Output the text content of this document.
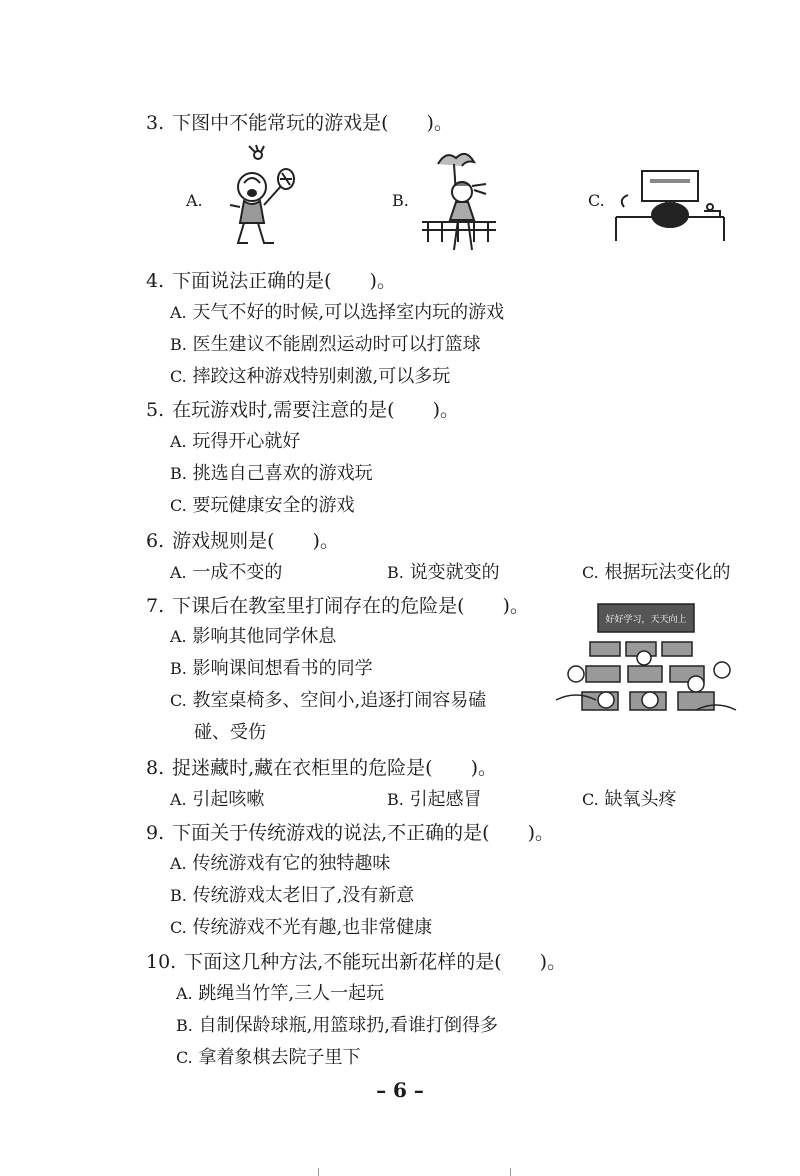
3. 下图中不能常玩的游戏是(　　)。
A.	B.	C.
4. 下面说法正确的是(　　)。
A. 天气不好的时候,可以选择室内玩的游戏
B. 医生建议不能剧烈运动时可以打篮球
C. 摔跤这种游戏特别刺激,可以多玩
5. 在玩游戏时,需要注意的是(　　)。
A. 玩得开心就好
B. 挑选自己喜欢的游戏玩
C. 要玩健康安全的游戏
6. 游戏规则是(　　)。
A. 一成不变的	B. 说变就变的	C. 根据玩法变化的
7. 下课后在教室里打闹存在的危险是(　　)。
A. 影响其他同学休息
B. 影响课间想看书的同学
C. 教室桌椅多、空间小,追逐打闹容易磕
碰、受伤
好好学习，天天向上
8. 捉迷藏时,藏在衣柜里的危险是(　　)。
A. 引起咳嗽	B. 引起感冒	C. 缺氧头疼
9. 下面关于传统游戏的说法,不正确的是(　　)。
A. 传统游戏有它的独特趣味
B. 传统游戏太老旧了,没有新意
C. 传统游戏不光有趣,也非常健康
10. 下面这几种方法,不能玩出新花样的是(　　)。
A. 跳绳当竹竿,三人一起玩
B. 自制保龄球瓶,用篮球扔,看谁打倒得多
C. 拿着象棋去院子里下
– 6 –
